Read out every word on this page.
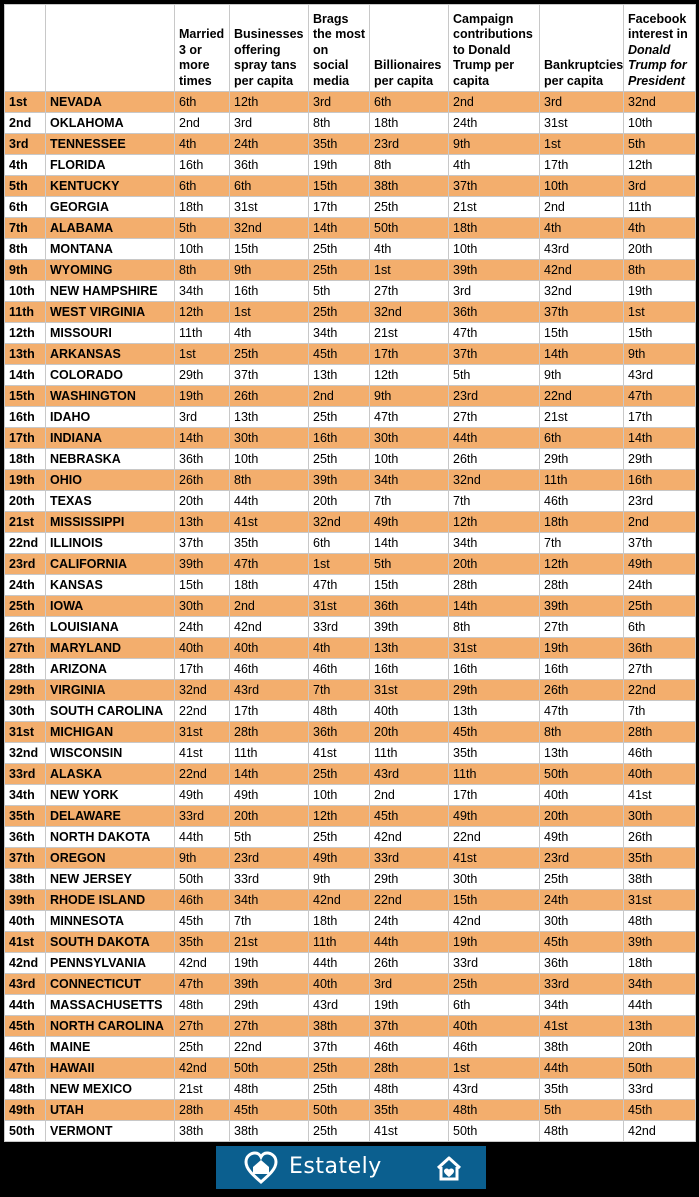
		Married 3 or more times	Businesses offering spray tans per capita	Brags the most on social media	Billionaires per capita	Campaign contributions to Donald Trump per capita	Bankruptcies per capita	Facebook interest in Donald Trump for President
1st	NEVADA	6th	12th	3rd	6th	2nd	3rd	32nd
2nd	OKLAHOMA	2nd	3rd	8th	18th	24th	31st	10th
3rd	TENNESSEE	4th	24th	35th	23rd	9th	1st	5th
4th	FLORIDA	16th	36th	19th	8th	4th	17th	12th
5th	KENTUCKY	6th	6th	15th	38th	37th	10th	3rd
6th	GEORGIA	18th	31st	17th	25th	21st	2nd	11th
7th	ALABAMA	5th	32nd	14th	50th	18th	4th	4th
8th	MONTANA	10th	15th	25th	4th	10th	43rd	20th
9th	WYOMING	8th	9th	25th	1st	39th	42nd	8th
10th	NEW HAMPSHIRE	34th	16th	5th	27th	3rd	32nd	19th
11th	WEST VIRGINIA	12th	1st	25th	32nd	36th	37th	1st
12th	MISSOURI	11th	4th	34th	21st	47th	15th	15th
13th	ARKANSAS	1st	25th	45th	17th	37th	14th	9th
14th	COLORADO	29th	37th	13th	12th	5th	9th	43rd
15th	WASHINGTON	19th	26th	2nd	9th	23rd	22nd	47th
16th	IDAHO	3rd	13th	25th	47th	27th	21st	17th
17th	INDIANA	14th	30th	16th	30th	44th	6th	14th
18th	NEBRASKA	36th	10th	25th	10th	26th	29th	29th
19th	OHIO	26th	8th	39th	34th	32nd	11th	16th
20th	TEXAS	20th	44th	20th	7th	7th	46th	23rd
21st	MISSISSIPPI	13th	41st	32nd	49th	12th	18th	2nd
22nd	ILLINOIS	37th	35th	6th	14th	34th	7th	37th
23rd	CALIFORNIA	39th	47th	1st	5th	20th	12th	49th
24th	KANSAS	15th	18th	47th	15th	28th	28th	24th
25th	IOWA	30th	2nd	31st	36th	14th	39th	25th
26th	LOUISIANA	24th	42nd	33rd	39th	8th	27th	6th
27th	MARYLAND	40th	40th	4th	13th	31st	19th	36th
28th	ARIZONA	17th	46th	46th	16th	16th	16th	27th
29th	VIRGINIA	32nd	43rd	7th	31st	29th	26th	22nd
30th	SOUTH CAROLINA	22nd	17th	48th	40th	13th	47th	7th
31st	MICHIGAN	31st	28th	36th	20th	45th	8th	28th
32nd	WISCONSIN	41st	11th	41st	11th	35th	13th	46th
33rd	ALASKA	22nd	14th	25th	43rd	11th	50th	40th
34th	NEW YORK	49th	49th	10th	2nd	17th	40th	41st
35th	DELAWARE	33rd	20th	12th	45th	49th	20th	30th
36th	NORTH DAKOTA	44th	5th	25th	42nd	22nd	49th	26th
37th	OREGON	9th	23rd	49th	33rd	41st	23rd	35th
38th	NEW JERSEY	50th	33rd	9th	29th	30th	25th	38th
39th	RHODE ISLAND	46th	34th	42nd	22nd	15th	24th	31st
40th	MINNESOTA	45th	7th	18th	24th	42nd	30th	48th
41st	SOUTH DAKOTA	35th	21st	11th	44th	19th	45th	39th
42nd	PENNSYLVANIA	42nd	19th	44th	26th	33rd	36th	18th
43rd	CONNECTICUT	47th	39th	40th	3rd	25th	33rd	34th
44th	MASSACHUSETTS	48th	29th	43rd	19th	6th	34th	44th
45th	NORTH CAROLINA	27th	27th	38th	37th	40th	41st	13th
46th	MAINE	25th	22nd	37th	46th	46th	38th	20th
47th	HAWAII	42nd	50th	25th	28th	1st	44th	50th
48th	NEW MEXICO	21st	48th	25th	48th	43rd	35th	33rd
49th	UTAH	28th	45th	50th	35th	48th	5th	45th
50th	VERMONT	38th	38th	25th	41st	50th	48th	42nd
Estately
